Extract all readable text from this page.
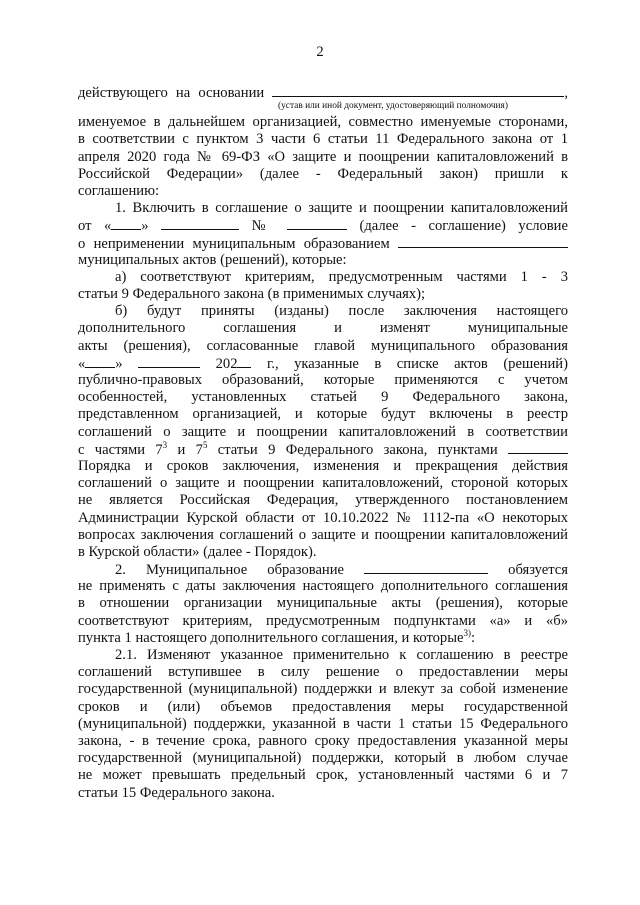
2
действующего на основании	,
(устав или иной документ, удостоверяющий полномочия)
именуемое в дальнейшем организацией, совместно именуемые сторонами,
в соответствии с пунктом 3 части 6 статьи 11 Федерального закона от 1
апреля 2020 года № 69-ФЗ «О защите и поощрении капиталовложений в
Российской Федерации» (далее - Федеральный закон) пришли к
соглашению:
1. Включить в соглашение о защите и поощрении капиталовложений
от « »	№	(далее - соглашение) условие
о неприменении муниципальным образованием
муниципальных актов (решений), которые:
а) соответствуют критериям, предусмотренным частями 1 - 3
статьи 9 Федерального закона (в применимых случаях);
б) будут приняты (изданы) после заключения настоящего
дополнительного соглашения и изменят муниципальные
акты (решения), согласованные главой муниципального образования
« »	202 г., указанные в списке актов (решений)
публично-правовых образований, которые применяются с учетом
особенностей, установленных статьей 9 Федерального закона,
представленном организацией, и которые будут включены в реестр
соглашений о защите и поощрении капиталовложений в соответствии
с частями $7^3$ и $7^5$ статьи 9 Федерального закона, пунктами
Порядка и сроков заключения, изменения и прекращения действия
соглашений о защите и поощрении капиталовложений, стороной которых
не является Российская Федерация, утвержденного постановлением
Администрации Курской области от 10.10.2022 № 1112-па «О некоторых
вопросах заключения соглашений о защите и поощрении капиталовложений
в Курской области» (далее - Порядок).
2. Муниципальное образование	обязуется
не применять с даты заключения настоящего дополнительного соглашения
в отношении организации муниципальные акты (решения), которые
соответствуют критериям, предусмотренным подпунктами «а» и «б»
пункта 1 настоящего дополнительного соглашения, и которые$^{3)}$:
2.1. Изменяют указанное применительно к соглашению в реестре
соглашений вступившее в силу решение о предоставлении меры
государственной (муниципальной) поддержки и влекут за собой изменение
сроков и (или) объемов предоставления меры государственной
(муниципальной) поддержки, указанной в части 1 статьи 15 Федерального
закона, - в течение срока, равного сроку предоставления указанной меры
государственной (муниципальной) поддержки, который в любом случае
не может превышать предельный срок, установленный частями 6 и 7
статьи 15 Федерального закона.
